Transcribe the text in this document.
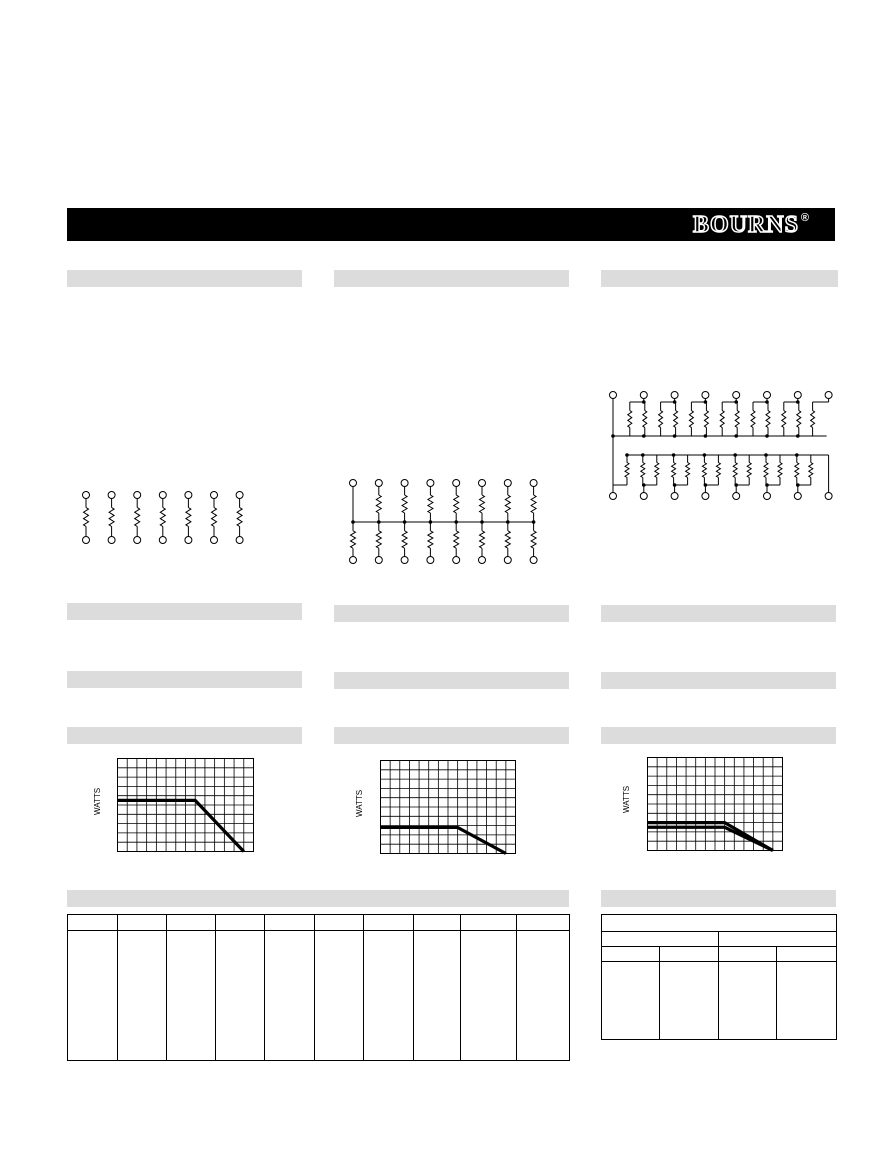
BOURNS ®
WATTS	WATTS	WATTS
